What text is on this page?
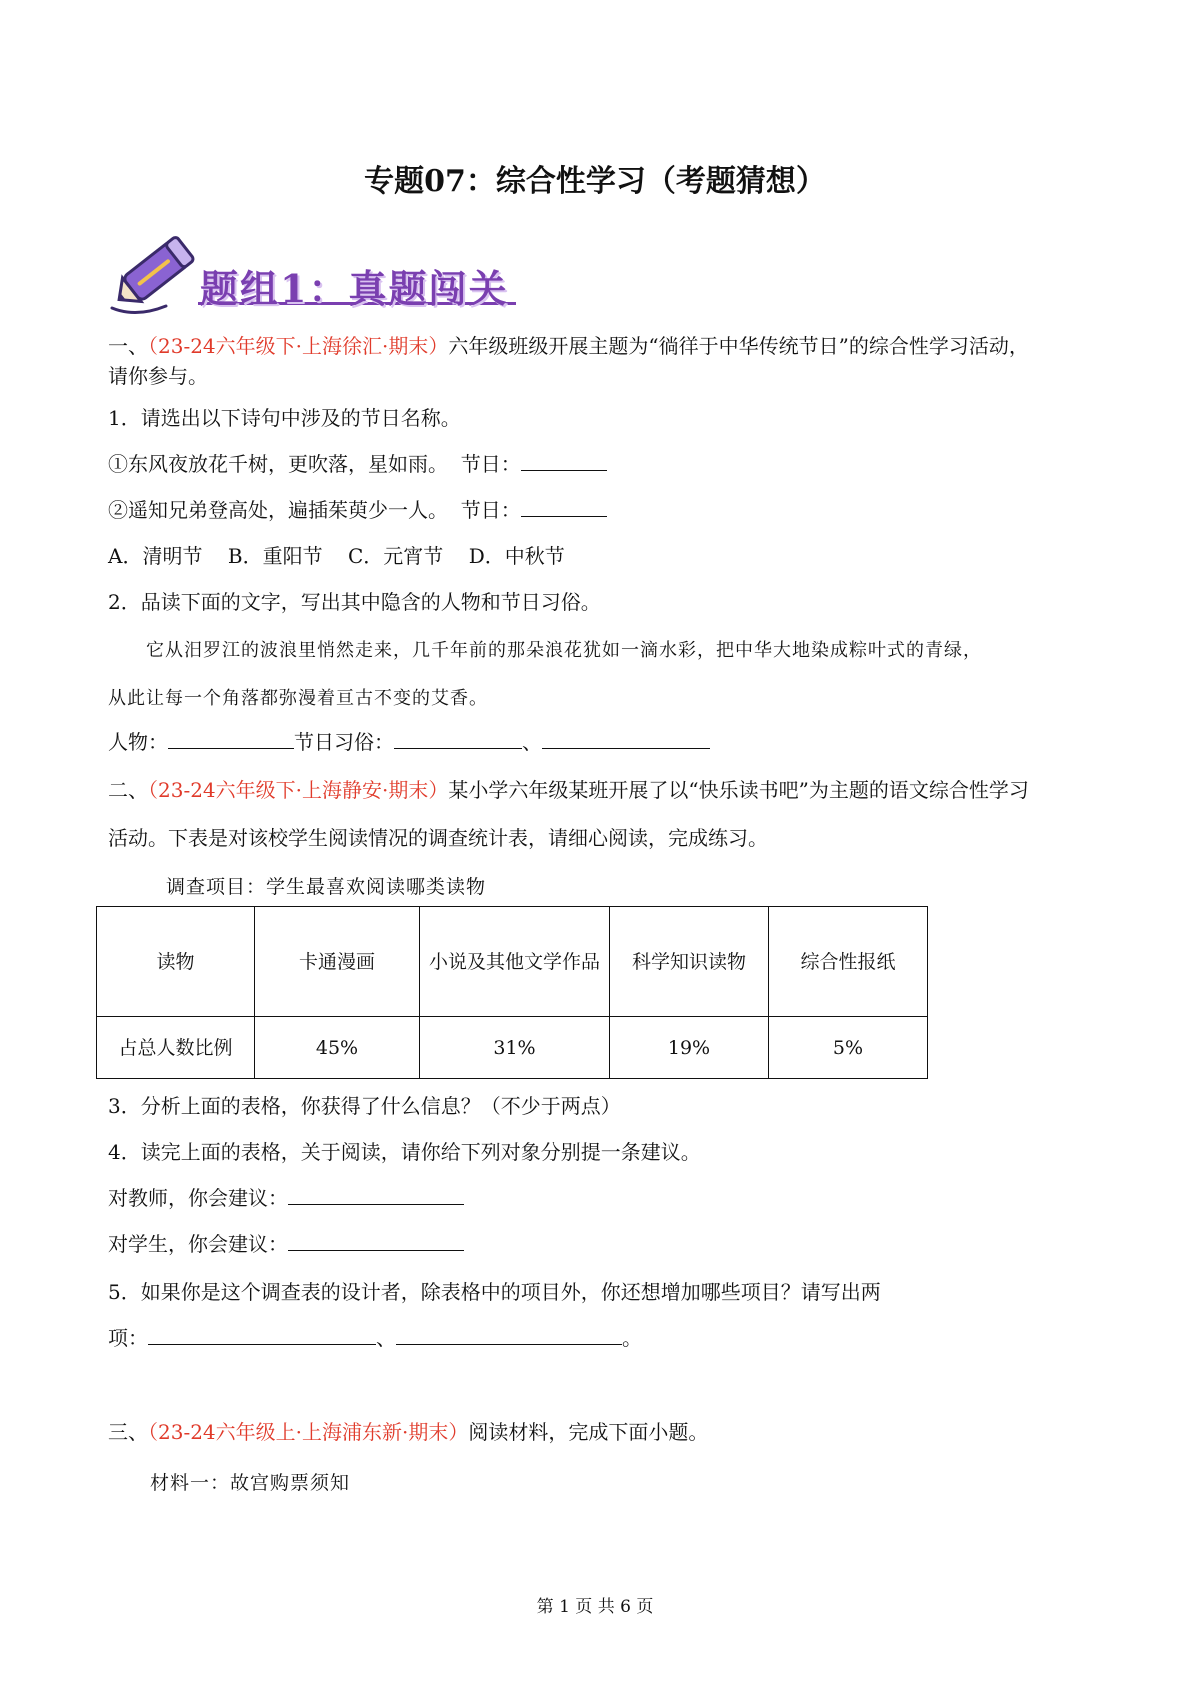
专题07：综合性学习（考题猜想）
题组1：真题闯关
一、（23-24六年级下·上海徐汇·期末）六年级班级开展主题为“徜徉于中华传统节日”的综合性学习活动，
请你参与。
1．请选出以下诗句中涉及的节日名称。
①东风夜放花千树，更吹落，星如雨。 节日：
②遥知兄弟登高处，遍插茱萸少一人。 节日：
A．清明节    B．重阳节    C．元宵节    D．中秋节
2．品读下面的文字，写出其中隐含的人物和节日习俗。
它从汨罗江的波浪里悄然走来，几千年前的那朵浪花犹如一滴水彩，把中华大地染成粽叶式的青绿，
从此让每一个角落都弥漫着亘古不变的艾香。
人物：	节日习俗：	、
二、（23-24六年级下·上海静安·期末）某小学六年级某班开展了以“快乐读书吧”为主题的语文综合性学习
活动。下表是对该校学生阅读情况的调查统计表，请细心阅读，完成练习。
调查项目：学生最喜欢阅读哪类读物
读物	卡通漫画	小说及其他文学作品	科学知识读物	综合性报纸
占总人数比例	45%	31%	19%	5%
3．分析上面的表格，你获得了什么信息？（不少于两点）
4．读完上面的表格，关于阅读，请你给下列对象分别提一条建议。
对教师，你会建议：
对学生，你会建议：
5．如果你是这个调查表的设计者，除表格中的项目外，你还想增加哪些项目？请写出两
项：	、	。
三、（23-24六年级上·上海浦东新·期末）阅读材料，完成下面小题。
材料一：故宫购票须知
第 1 页 共 6 页
